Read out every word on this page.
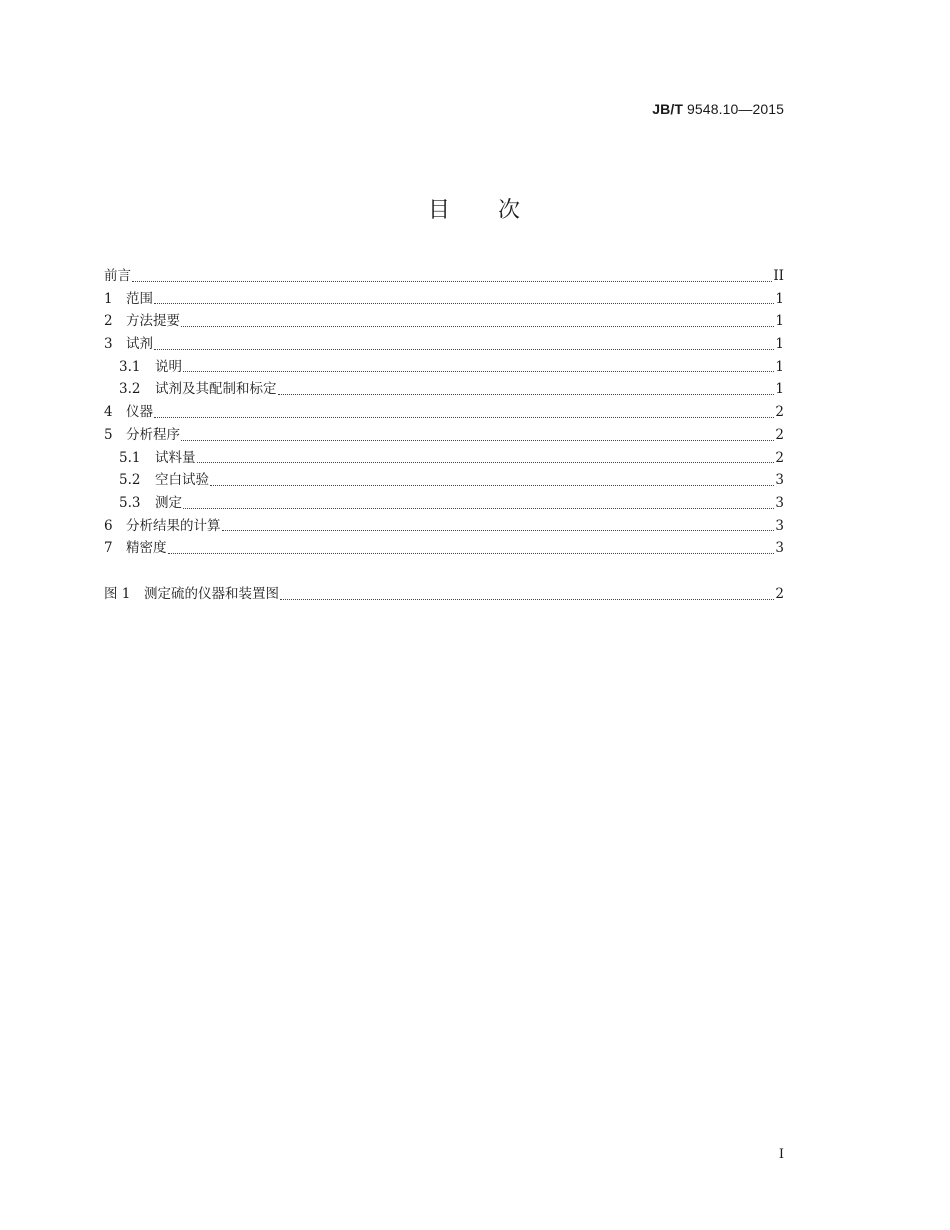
JB/T 9548.10—2015
目 次
前言	II
1 范围	1
2 方法提要	1
3 试剂	1
3.1	说明	1
3.2	试剂及其配制和标定	1
4 仪器	2
5 分析程序	2
5.1	试料量	2
5.2	空白试验	3
5.3	测定	3
6 分析结果的计算	3
7 精密度	3
图 1	测定硫的仪器和装置图	2
I
